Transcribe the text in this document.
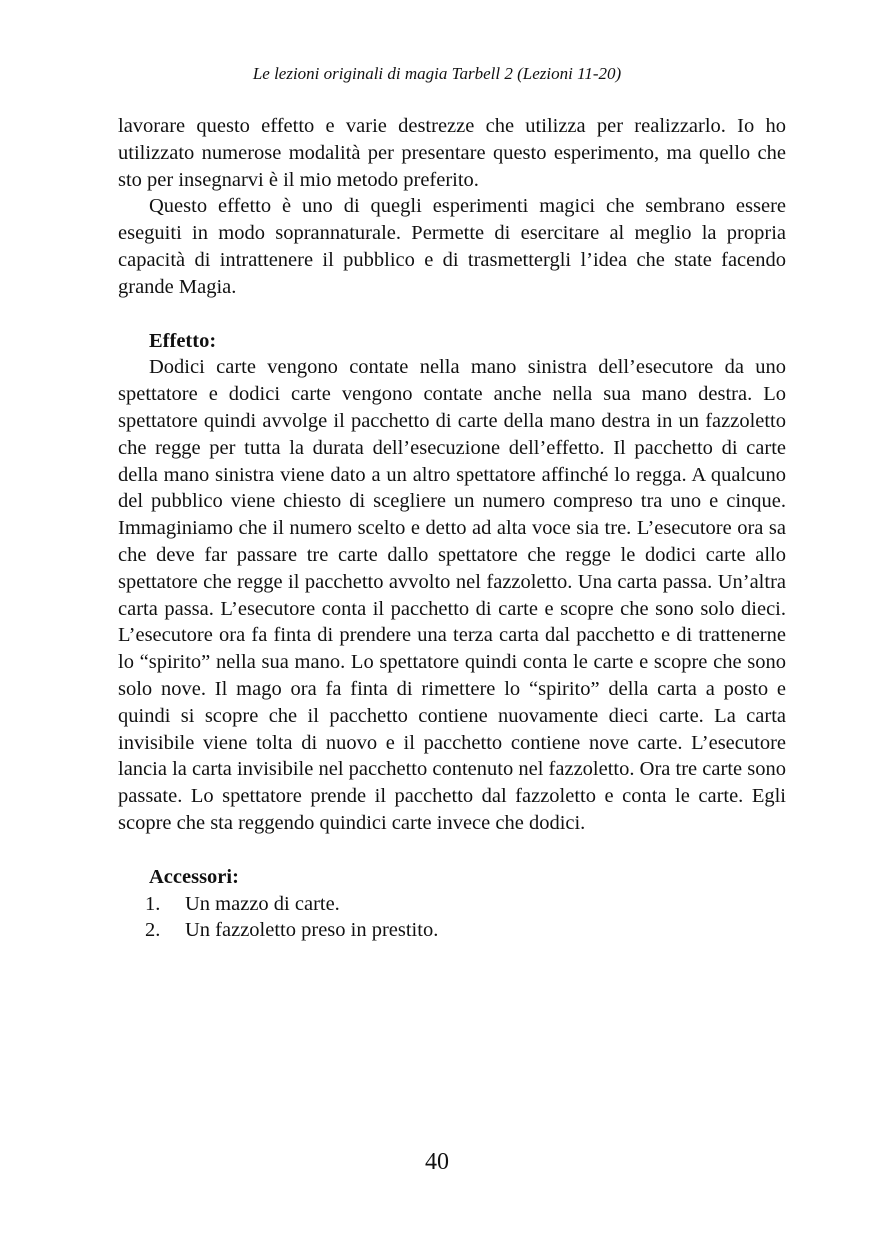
Le lezioni originali di magia Tarbell 2 (Lezioni 11-20)

lavorare questo effetto e varie destrezze che utilizza per realizzarlo. Io ho utilizzato numerose modalità per presentare questo esperimento, ma quello che sto per insegnarvi è il mio metodo preferito.

Questo effetto è uno di quegli esperimenti magici che sembrano essere eseguiti in modo soprannaturale. Permette di esercitare al meglio la propria capacità di intrattenere il pubblico e di trasmettergli l’idea che state facendo grande Magia.

Effetto:

Dodici carte vengono contate nella mano sinistra dell’esecutore da uno spettatore e dodici carte vengono contate anche nella sua mano destra. Lo spettatore quindi avvolge il pacchetto di carte della mano destra in un fazzoletto che regge per tutta la durata dell’esecuzione dell’effetto. Il pacchetto di carte della mano sinistra viene dato a un altro spettatore affinché lo regga. A qualcuno del pubblico viene chiesto di scegliere un numero compreso tra uno e cinque. Immaginiamo che il numero scelto e detto ad alta voce sia tre. L’esecutore ora sa che deve far passare tre carte dallo spettatore che regge le dodici carte allo spettatore che regge il pacchetto avvolto nel fazzoletto. Una carta passa. Un’altra carta passa. L’esecutore conta il pacchetto di carte e scopre che sono solo dieci. L’esecutore ora fa finta di prendere una terza carta dal pacchetto e di trattenerne lo “spirito” nella sua mano. Lo spettatore quindi conta le carte e scopre che sono solo nove. Il mago ora fa finta di rimettere lo “spirito” della carta a posto e quindi si scopre che il pacchetto contiene nuovamente dieci carte. La carta invisibile viene tolta di nuovo e il pacchetto contiene nove carte. L’esecutore lancia la carta invisibile nel pacchetto contenuto nel fazzoletto. Ora tre carte sono passate. Lo spettatore prende il pacchetto dal fazzoletto e conta le carte. Egli scopre che sta reggendo quindici carte invece che dodici.

Accessori:
1.	Un mazzo di carte.
2.	Un fazzoletto preso in prestito.
40
